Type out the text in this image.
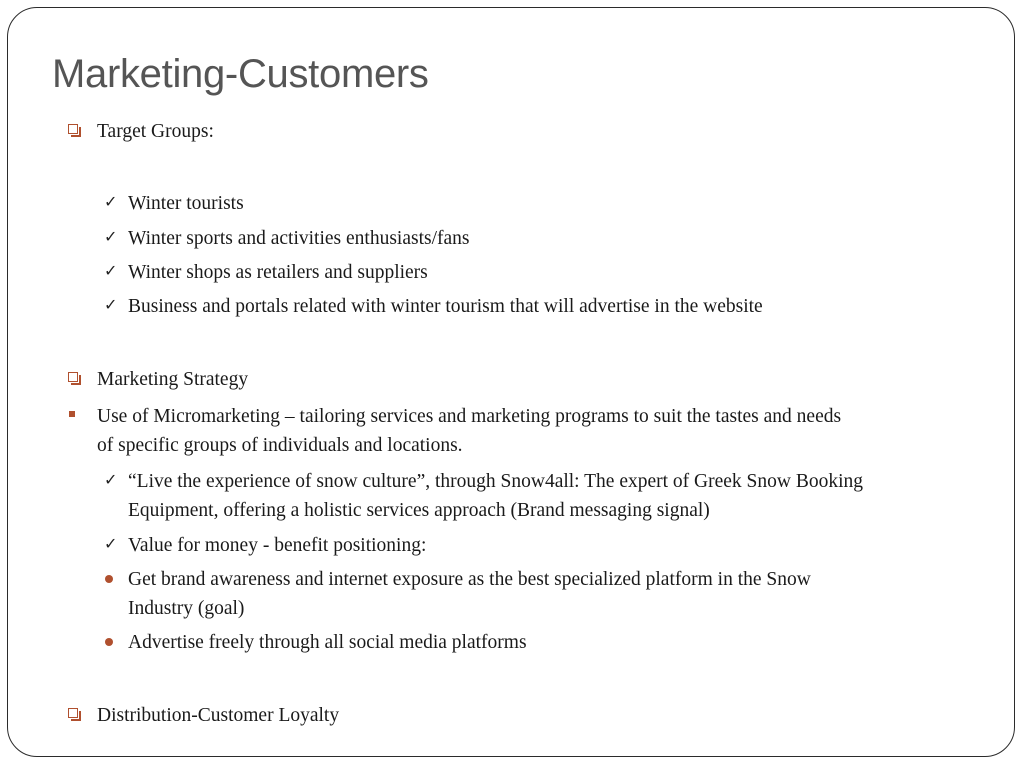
Marketing-Customers
Target Groups:
✓ Winter tourists
✓ Winter sports and activities enthusiasts/fans
✓ Winter shops as retailers and suppliers
✓ Business and portals related with winter tourism that will advertise in the website
Marketing Strategy
Use of Micromarketing – tailoring services and marketing programs to suit the tastes and needs
of specific groups of individuals and locations.
✓ “Live the experience of snow culture”, through Snow4all: The expert of Greek Snow Booking
Equipment, offering a holistic services approach (Brand messaging signal)
✓ Value for money - benefit positioning:
Get brand awareness and internet exposure as the best specialized platform in the Snow
Industry (goal)
Advertise freely through all social media platforms
Distribution-Customer Loyalty
